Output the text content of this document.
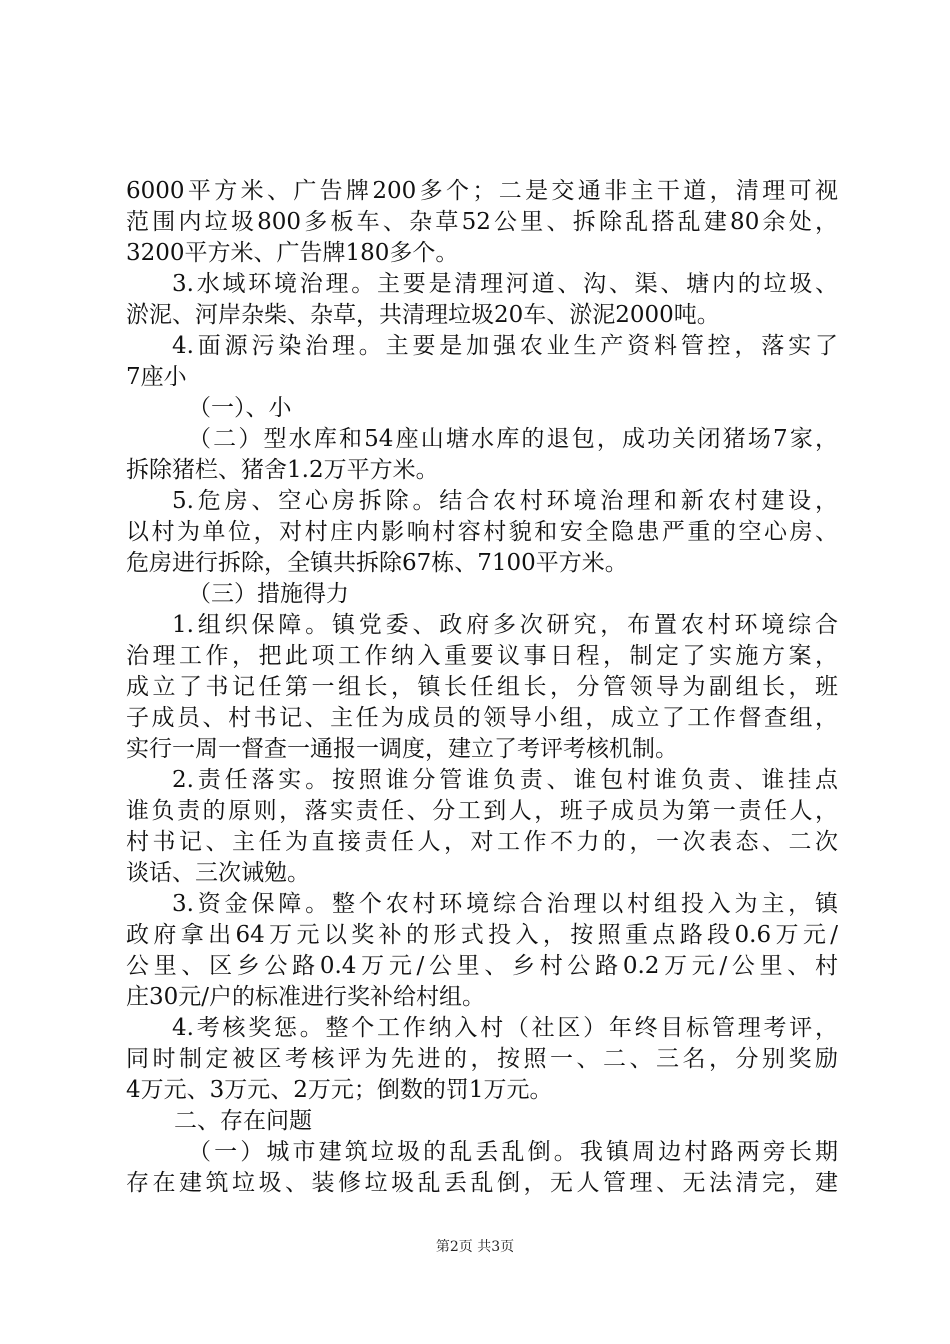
6000平方米、广告牌200多个；二是交通非主干道，清理可视
范围内垃圾800多板车、杂草52公里、拆除乱搭乱建80余处，
3200平方米、广告牌180多个。
3.水域环境治理。主要是清理河道、沟、渠、塘内的垃圾、
淤泥、河岸杂柴、杂草，共清理垃圾20车、淤泥2000吨。
4.面源污染治理。主要是加强农业生产资料管控，落实了
7座小
（一）、小
（二）型水库和54座山塘水库的退包，成功关闭猪场7家，
拆除猪栏、猪舍1.2万平方米。
5.危房、空心房拆除。结合农村环境治理和新农村建设，
以村为单位，对村庄内影响村容村貌和安全隐患严重的空心房、
危房进行拆除，全镇共拆除67栋、7100平方米。
（三）措施得力
1.组织保障。镇党委、政府多次研究，布置农村环境综合
治理工作，把此项工作纳入重要议事日程，制定了实施方案，
成立了书记任第一组长，镇长任组长，分管领导为副组长，班
子成员、村书记、主任为成员的领导小组，成立了工作督查组，
实行一周一督查一通报一调度，建立了考评考核机制。
2.责任落实。按照谁分管谁负责、谁包村谁负责、谁挂点
谁负责的原则，落实责任、分工到人，班子成员为第一责任人，
村书记、主任为直接责任人，对工作不力的，一次表态、二次
谈话、三次诫勉。
3.资金保障。整个农村环境综合治理以村组投入为主，镇
政府拿出64万元以奖补的形式投入，按照重点路段0.6万元/
公里、区乡公路0.4万元/公里、乡村公路0.2万元/公里、村
庄30元/户的标准进行奖补给村组。
4.考核奖惩。整个工作纳入村（社区）年终目标管理考评，
同时制定被区考核评为先进的，按照一、二、三名，分别奖励
4万元、3万元、2万元；倒数的罚1万元。
二、存在问题
（一）城市建筑垃圾的乱丢乱倒。我镇周边村路两旁长期
存在建筑垃圾、装修垃圾乱丢乱倒，无人管理、无法清完，建
第2页 共3页
